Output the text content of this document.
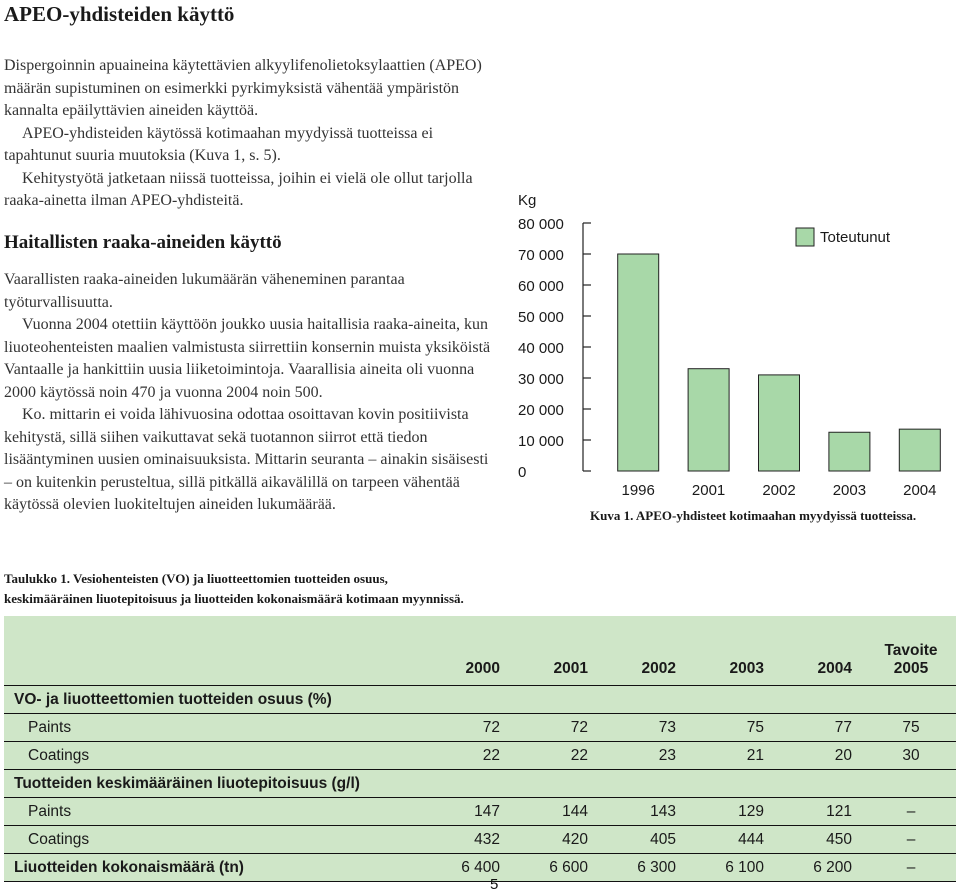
APEO-yhdisteiden käyttö

Dispergoinnin apuaineina käytettävien alkyylifenolietoksylaattien (APEO) määrän supistuminen on esimerkki pyrkimyksistä vähentää ympäristön kannalta epäilyttävien aineiden käyttöä.

APEO-yhdisteiden käytössä kotimaahan myydyissä tuotteissa ei tapahtunut suuria muutoksia (Kuva 1, s. 5).

Kehitystyötä jatketaan niissä tuotteissa, joihin ei vielä ole ollut tarjolla raaka-ainetta ilman APEO-yhdisteitä.

Haitallisten raaka-aineiden käyttö

Vaarallisten raaka-aineiden lukumäärän väheneminen parantaa työturvallisuutta.

Vuonna 2004 otettiin käyttöön joukko uusia haitallisia raaka-aineita, kun liuoteohenteisten maalien valmistusta siirrettiin konsernin muista yksiköistä Vantaalle ja hankittiin uusia liiketoimintoja. Vaarallisia aineita oli vuonna 2000 käytössä noin 470 ja vuonna 2004 noin 500.

Ko. mittarin ei voida lähivuosina odottaa osoittavan kovin positiivista kehitystä, sillä siihen vaikuttavat sekä tuotannon siirrot että tiedon lisääntyminen uusien ominaisuuksista. Mittarin seuranta – ainakin sisäisesti – on kuitenkin perusteltua, sillä pitkällä aikavälillä on tarpeen vähentää käytössä olevien luokiteltujen aineiden lukumäärää.

Kg
0
10 000
20 000
30 000
40 000
50 000
60 000
70 000
80 000
1996 2001 2002 2003 2004
Toteutunut
Kuva 1. APEO-yhdisteet kotimaahan myydyissä tuotteissa.
Taulukko 1. Vesiohenteisten (VO) ja liuotteettomien tuotteiden osuus,
keskimääräinen liuotepitoisuus ja liuotteiden kokonaismäärä kotimaan myynnissä.
	2000	2001	2002	2003	2004	Tavoite
2005

VO- ja liuotteettomien tuotteiden osuus (%)						
Paints	72	72	73	75	77	75
Coatings	22	22	23	21	20	30
Tuotteiden keskimääräinen liuotepitoisuus (g/l)						
Paints	147	144	143	129	121	–
Coatings	432	420	405	444	450	–
Liuotteiden kokonaismäärä (tn)	6 400	6 600	6 300	6 100	6 200	–
5
